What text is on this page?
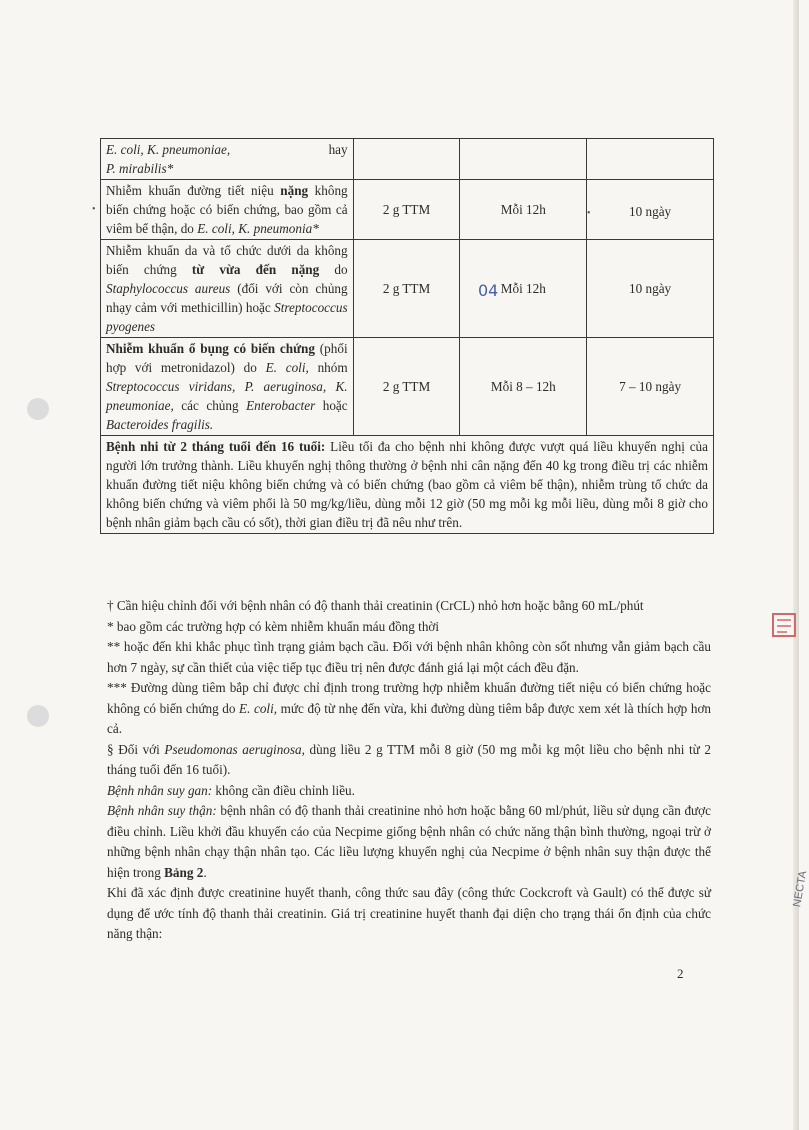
NECTA
04
•	•
E. coli, K. pneumoniae, hay
P. mirabilis*			
Nhiễm khuẩn đường tiết niệu nặng không biến chứng hoặc có biến chứng, bao gồm cả viêm bể thận, do E. coli, K. pneumonia*	2 g TTM	Mỗi 12h	10 ngày
Nhiễm khuẩn da và tổ chức dưới da không biến chứng từ vừa đến nặng do Staphylococcus aureus (đối với còn chủng nhạy cảm với methicillin) hoặc Streptococcus pyogenes	2 g TTM	Mỗi 12h	10 ngày
Nhiễm khuẩn ổ bụng có biến chứng (phối hợp với metronidazol) do E. coli, nhóm Streptococcus viridans, P. aeruginosa, K. pneumoniae, các chủng Enterobacter hoặc Bacteroides fragilis.	2 g TTM	Mỗi 8 – 12h	7 – 10 ngày
Bệnh nhi từ 2 tháng tuổi đến 16 tuổi: Liều tối đa cho bệnh nhi không được vượt quá liều khuyến nghị của người lớn trưởng thành. Liều khuyến nghị thông thường ở bệnh nhi cân nặng đến 40 kg trong điều trị các nhiễm khuẩn đường tiết niệu không biến chứng và có biến chứng (bao gồm cả viêm bể thận), nhiễm trùng tổ chức da không biến chứng và viêm phổi là 50 mg/kg/liều, dùng mỗi 12 giờ (50 mg mỗi kg mỗi liều, dùng mỗi 8 giờ cho bệnh nhân giảm bạch cầu có sốt), thời gian điều trị đã nêu như trên.			

† Cần hiệu chỉnh đối với bệnh nhân có độ thanh thải creatinin (CrCL) nhỏ hơn hoặc bằng 60 mL/phút

* bao gồm các trường hợp có kèm nhiễm khuẩn máu đồng thời

** hoặc đến khi khắc phục tình trạng giảm bạch cầu. Đối với bệnh nhân không còn sốt nhưng vẫn giảm bạch cầu hơn 7 ngày, sự cần thiết của việc tiếp tục điều trị nên được đánh giá lại một cách đều đặn.

*** Đường dùng tiêm bắp chỉ được chỉ định trong trường hợp nhiễm khuẩn đường tiết niệu có biến chứng hoặc không có biến chứng do E. coli, mức độ từ nhẹ đến vừa, khi đường dùng tiêm bắp được xem xét là thích hợp hơn cả.

§ Đối với Pseudomonas aeruginosa, dùng liều 2 g TTM mỗi 8 giờ (50 mg mỗi kg một liều cho bệnh nhi từ 2 tháng tuổi đến 16 tuổi).

Bệnh nhân suy gan: không cần điều chỉnh liều.

Bệnh nhân suy thận: bệnh nhân có độ thanh thải creatinine nhỏ hơn hoặc bằng 60 ml/phút, liều sử dụng cần được điều chỉnh. Liều khởi đầu khuyến cáo của Necpime giống bệnh nhân có chức năng thận bình thường, ngoại trừ ở những bệnh nhân chạy thận nhân tạo. Các liều lượng khuyến nghị của Necpime ở bệnh nhân suy thận được thể hiện trong Bảng 2.

Khi đã xác định được creatinine huyết thanh, công thức sau đây (công thức Cockcroft và Gault) có thể được sử dụng để ước tính độ thanh thải creatinin. Giá trị creatinine huyết thanh đại diện cho trạng thái ổn định của chức năng thận:

2
